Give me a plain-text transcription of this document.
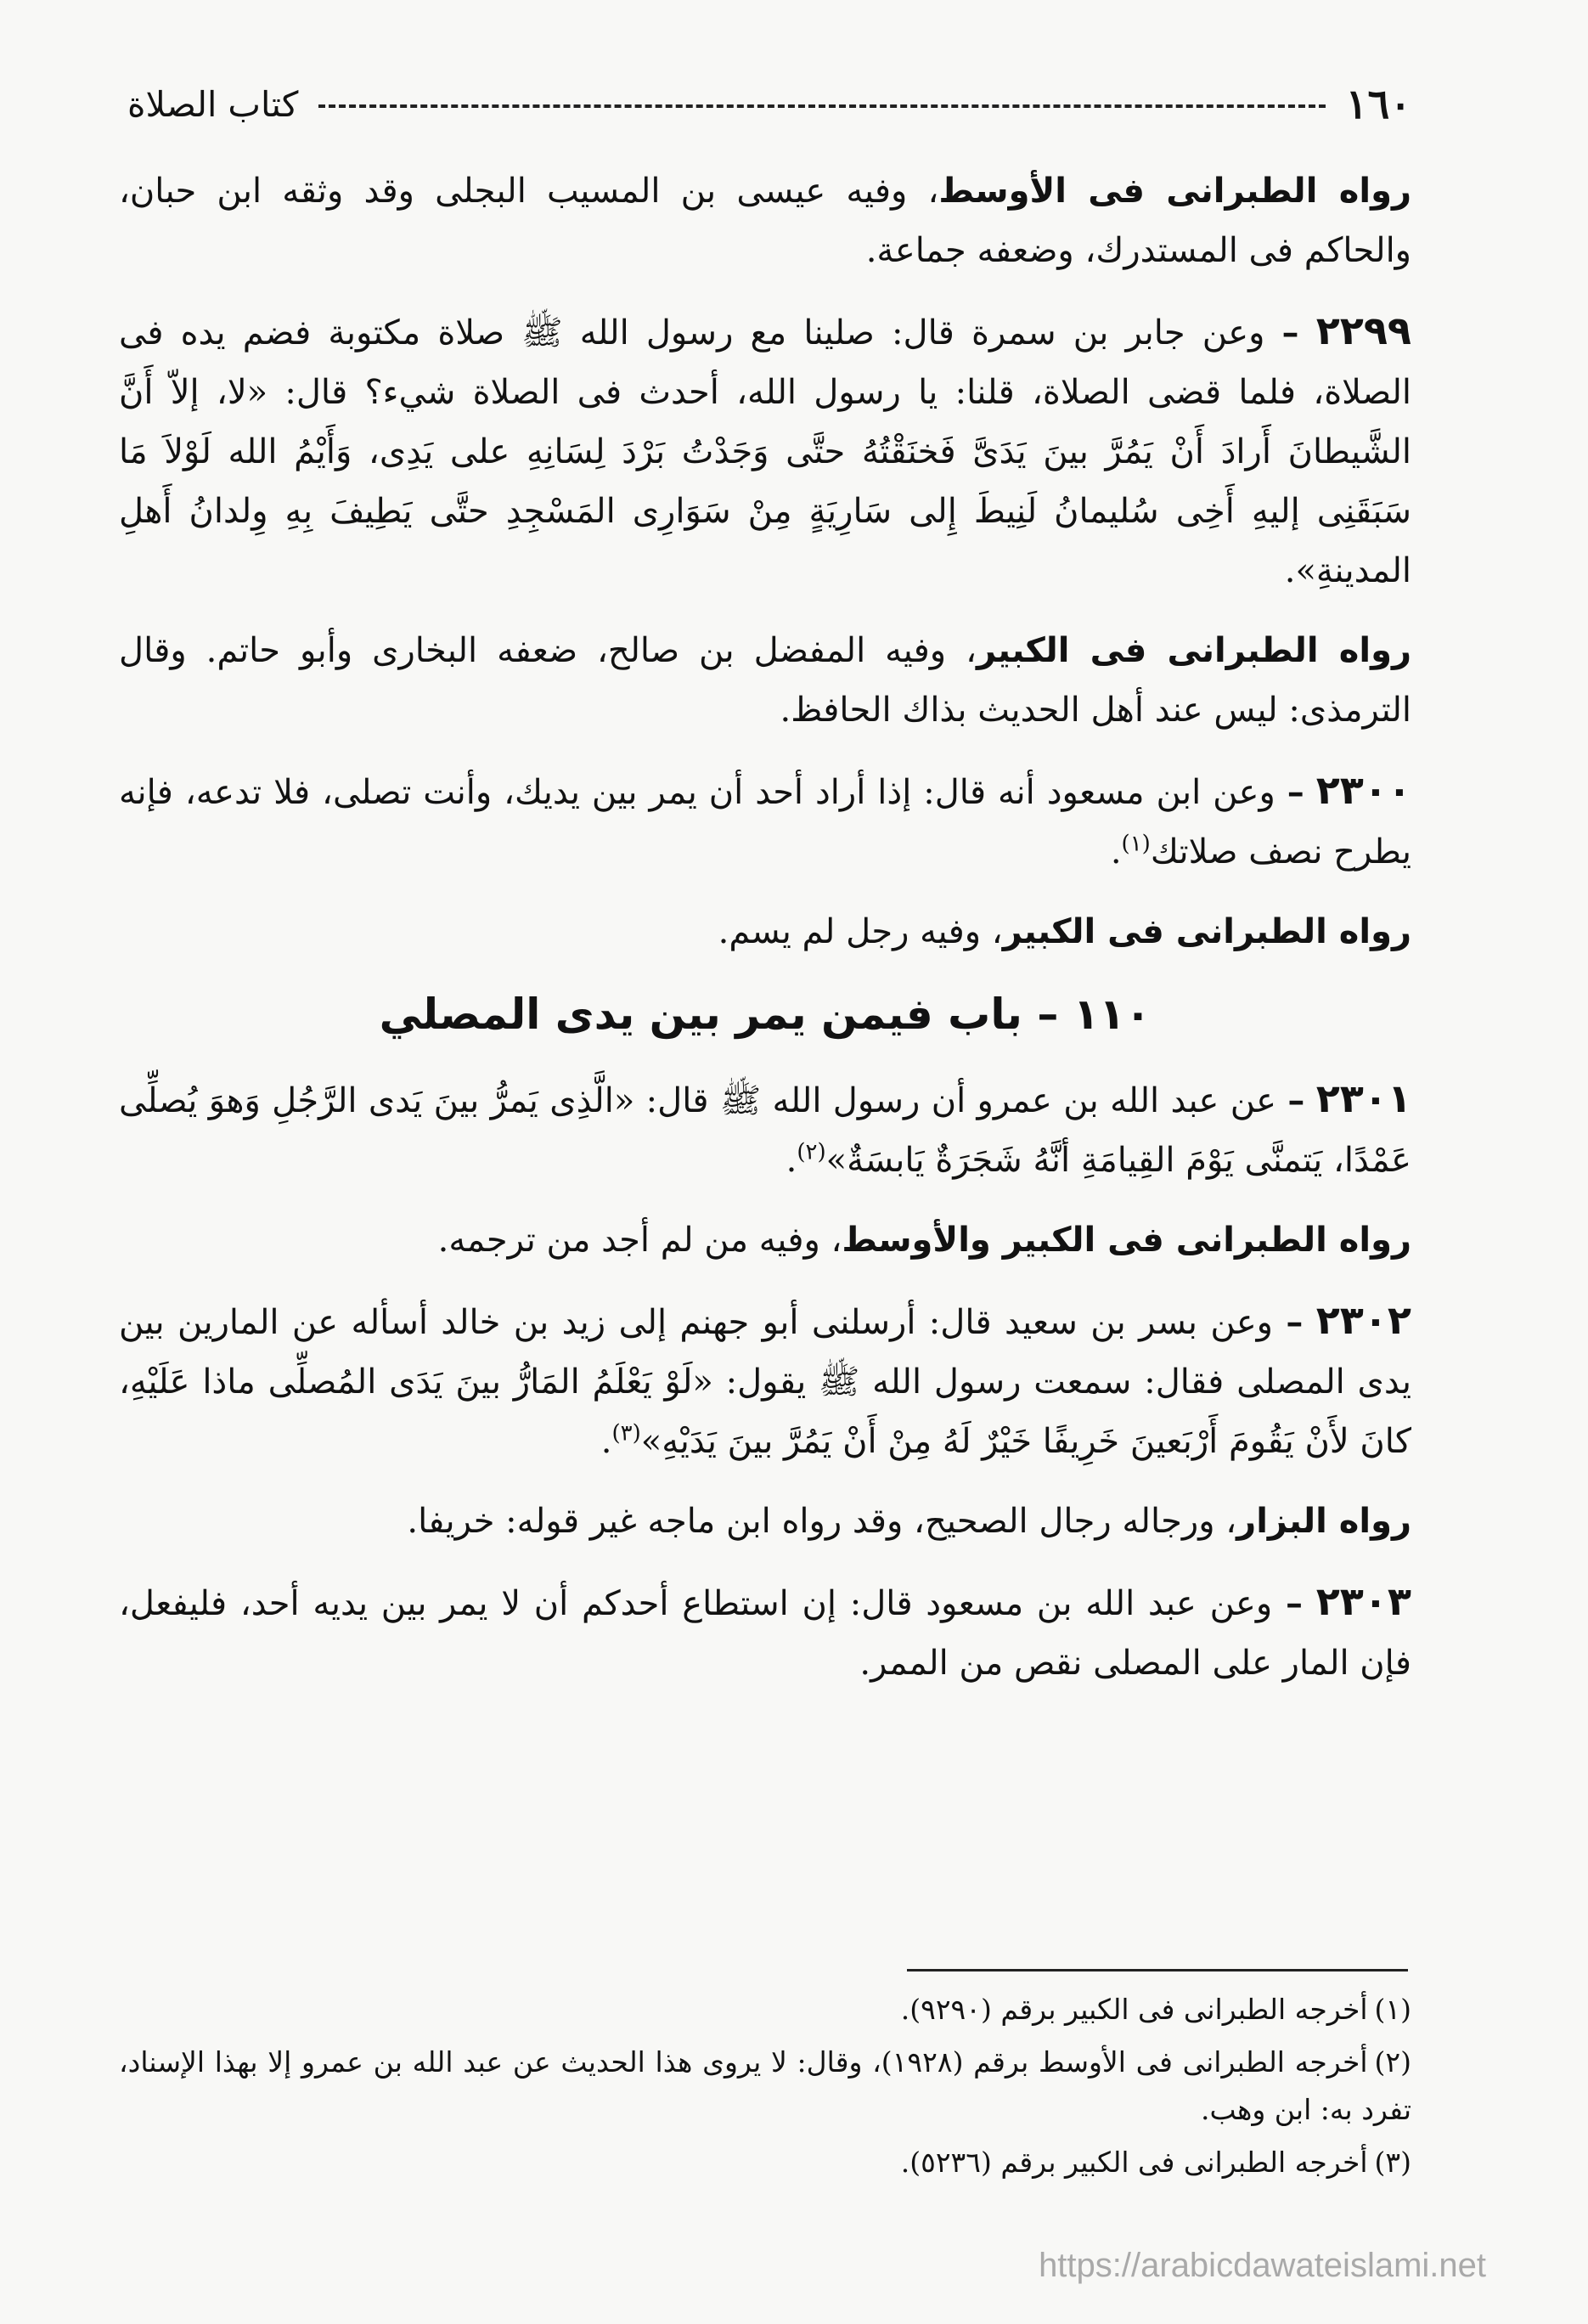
١٦٠
كتاب الصلاة

رواه الطبرانى فى الأوسط، وفيه عيسى بن المسيب البجلى وقد وثقه ابن حبان، والحاكم فى المستدرك، وضعفه جماعة.

٢٢٩٩ – وعن جابر بن سمرة قال: صلينا مع رسول الله ﷺ صلاة مكتوبة فضم يده فى الصلاة، فلما قضى الصلاة، قلنا: يا رسول الله، أحدث فى الصلاة شيء؟ قال: «لا، إلاّ أَنَّ الشَّيطانَ أَرادَ أَنْ يَمُرَّ بينَ يَدَىَّ فَخنَقْتُهُ حتَّى وَجَدْتُ بَرْدَ لِسَانِهِ على يَدِى، وَأَيْمُ الله لَوْلاَ مَا سَبَقَنِى إليهِ أَخِى سُليمانُ لَنِيطَ إِلى سَارِيَةٍ مِنْ سَوَارِى المَسْجِدِ حتَّى يَطِيفَ بِهِ وِلدانُ أَهلِ المدينةِ».

رواه الطبرانى فى الكبير، وفيه المفضل بن صالح، ضعفه البخارى وأبو حاتم. وقال الترمذى: ليس عند أهل الحديث بذاك الحافظ.

٢٣٠٠ – وعن ابن مسعود أنه قال: إذا أراد أحد أن يمر بين يديك، وأنت تصلى، فلا تدعه، فإنه يطرح نصف صلاتك$^{(١)}$.

رواه الطبرانى فى الكبير، وفيه رجل لم يسم.

١١٠ – باب فيمن يمر بين يدى المصلي

٢٣٠١ – عن عبد الله بن عمرو أن رسول الله ﷺ قال: «الَّذِى يَمرُّ بينَ يَدى الرَّجُلِ وَهوَ يُصلِّى عَمْدًا، يَتمنَّى يَوْمَ القِيامَةِ أنَّهُ شَجَرَةٌ يَابسَةٌ»$^{(٢)}$.

رواه الطبرانى فى الكبير والأوسط، وفيه من لم أجد من ترجمه.

٢٣٠٢ – وعن بسر بن سعيد قال: أرسلنى أبو جهنم إلى زيد بن خالد أسأله عن المارين بين يدى المصلى فقال: سمعت رسول الله ﷺ يقول: «لَوْ يَعْلَمُ المَارُّ بينَ يَدَى المُصلِّى ماذا عَلَيْهِ، كانَ لأَنْ يَقُومَ أَرْبَعينَ خَرِيفًا خَيْرٌ لَهُ مِنْ أَنْ يَمُرَّ بينَ يَدَيْهِ»$^{(٣)}$.

رواه البزار، ورجاله رجال الصحيح، وقد رواه ابن ماجه غير قوله: خريفا.

٢٣٠٣ – وعن عبد الله بن مسعود قال: إن استطاع أحدكم أن لا يمر بين يديه أحد، فليفعل، فإن المار على المصلى نقص من الممر.

(١)أخرجه الطبرانى فى الكبير برقم (٩٢٩٠).
(٢)أخرجه الطبرانى فى الأوسط برقم (١٩٢٨)، وقال: لا يروى هذا الحديث عن عبد الله بن عمرو إلا بهذا الإسناد، تفرد به: ابن وهب.
(٣)أخرجه الطبرانى فى الكبير برقم (٥٢٣٦).
https://arabicdawateislami.net
